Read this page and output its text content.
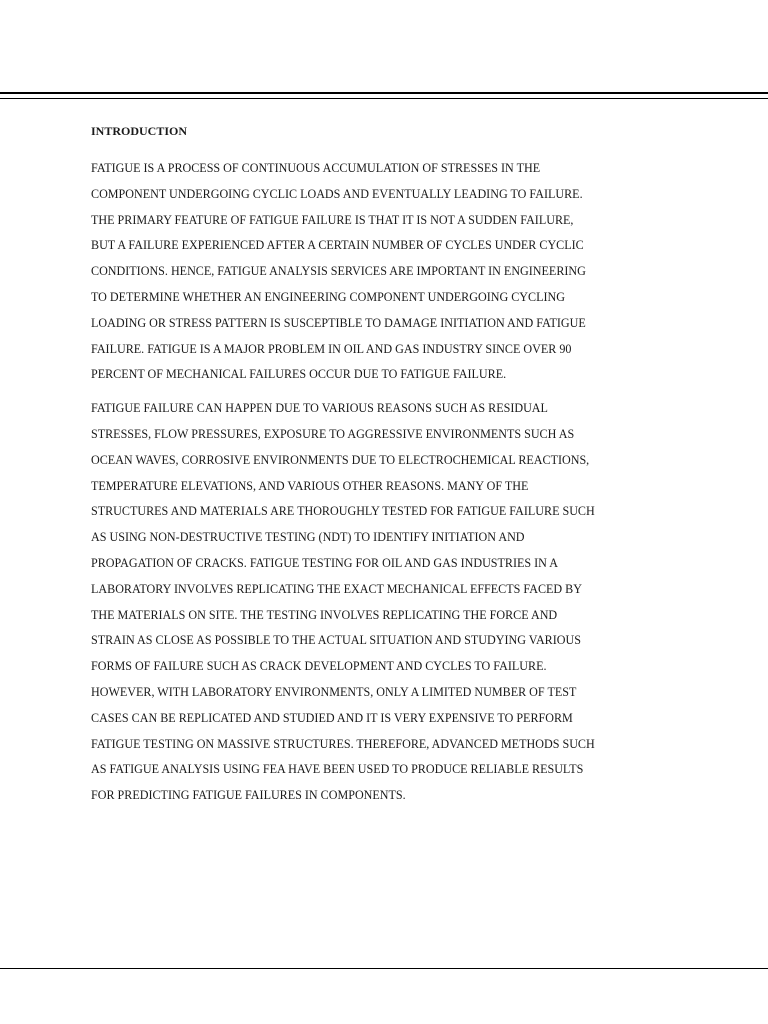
INTRODUCTION
FATIGUE IS A PROCESS OF CONTINUOUS ACCUMULATION OF STRESSES IN THE
COMPONENT UNDERGOING CYCLIC LOADS AND EVENTUALLY LEADING TO FAILURE.
THE PRIMARY FEATURE OF FATIGUE FAILURE IS THAT IT IS NOT A SUDDEN FAILURE,
BUT A FAILURE EXPERIENCED AFTER A CERTAIN NUMBER OF CYCLES UNDER CYCLIC
CONDITIONS. HENCE, FATIGUE ANALYSIS SERVICES ARE IMPORTANT IN ENGINEERING
TO DETERMINE WHETHER AN ENGINEERING COMPONENT UNDERGOING CYCLING
LOADING OR STRESS PATTERN IS SUSCEPTIBLE TO DAMAGE INITIATION AND FATIGUE
FAILURE. FATIGUE IS A MAJOR PROBLEM IN OIL AND GAS INDUSTRY SINCE OVER 90
PERCENT OF MECHANICAL FAILURES OCCUR DUE TO FATIGUE FAILURE.
FATIGUE FAILURE CAN HAPPEN DUE TO VARIOUS REASONS SUCH AS RESIDUAL
STRESSES, FLOW PRESSURES, EXPOSURE TO AGGRESSIVE ENVIRONMENTS SUCH AS
OCEAN WAVES, CORROSIVE ENVIRONMENTS DUE TO ELECTROCHEMICAL REACTIONS,
TEMPERATURE ELEVATIONS, AND VARIOUS OTHER REASONS. MANY OF THE
STRUCTURES AND MATERIALS ARE THOROUGHLY TESTED FOR FATIGUE FAILURE SUCH
AS USING NON-DESTRUCTIVE TESTING (NDT) TO IDENTIFY INITIATION AND
PROPAGATION OF CRACKS. FATIGUE TESTING FOR OIL AND GAS INDUSTRIES IN A
LABORATORY INVOLVES REPLICATING THE EXACT MECHANICAL EFFECTS FACED BY
THE MATERIALS ON SITE. THE TESTING INVOLVES REPLICATING THE FORCE AND
STRAIN AS CLOSE AS POSSIBLE TO THE ACTUAL SITUATION AND STUDYING VARIOUS
FORMS OF FAILURE SUCH AS CRACK DEVELOPMENT AND CYCLES TO FAILURE.
HOWEVER, WITH LABORATORY ENVIRONMENTS, ONLY A LIMITED NUMBER OF TEST
CASES CAN BE REPLICATED AND STUDIED AND IT IS VERY EXPENSIVE TO PERFORM
FATIGUE TESTING ON MASSIVE STRUCTURES. THEREFORE, ADVANCED METHODS SUCH
AS FATIGUE ANALYSIS USING FEA HAVE BEEN USED TO PRODUCE RELIABLE RESULTS
FOR PREDICTING FATIGUE FAILURES IN COMPONENTS.
